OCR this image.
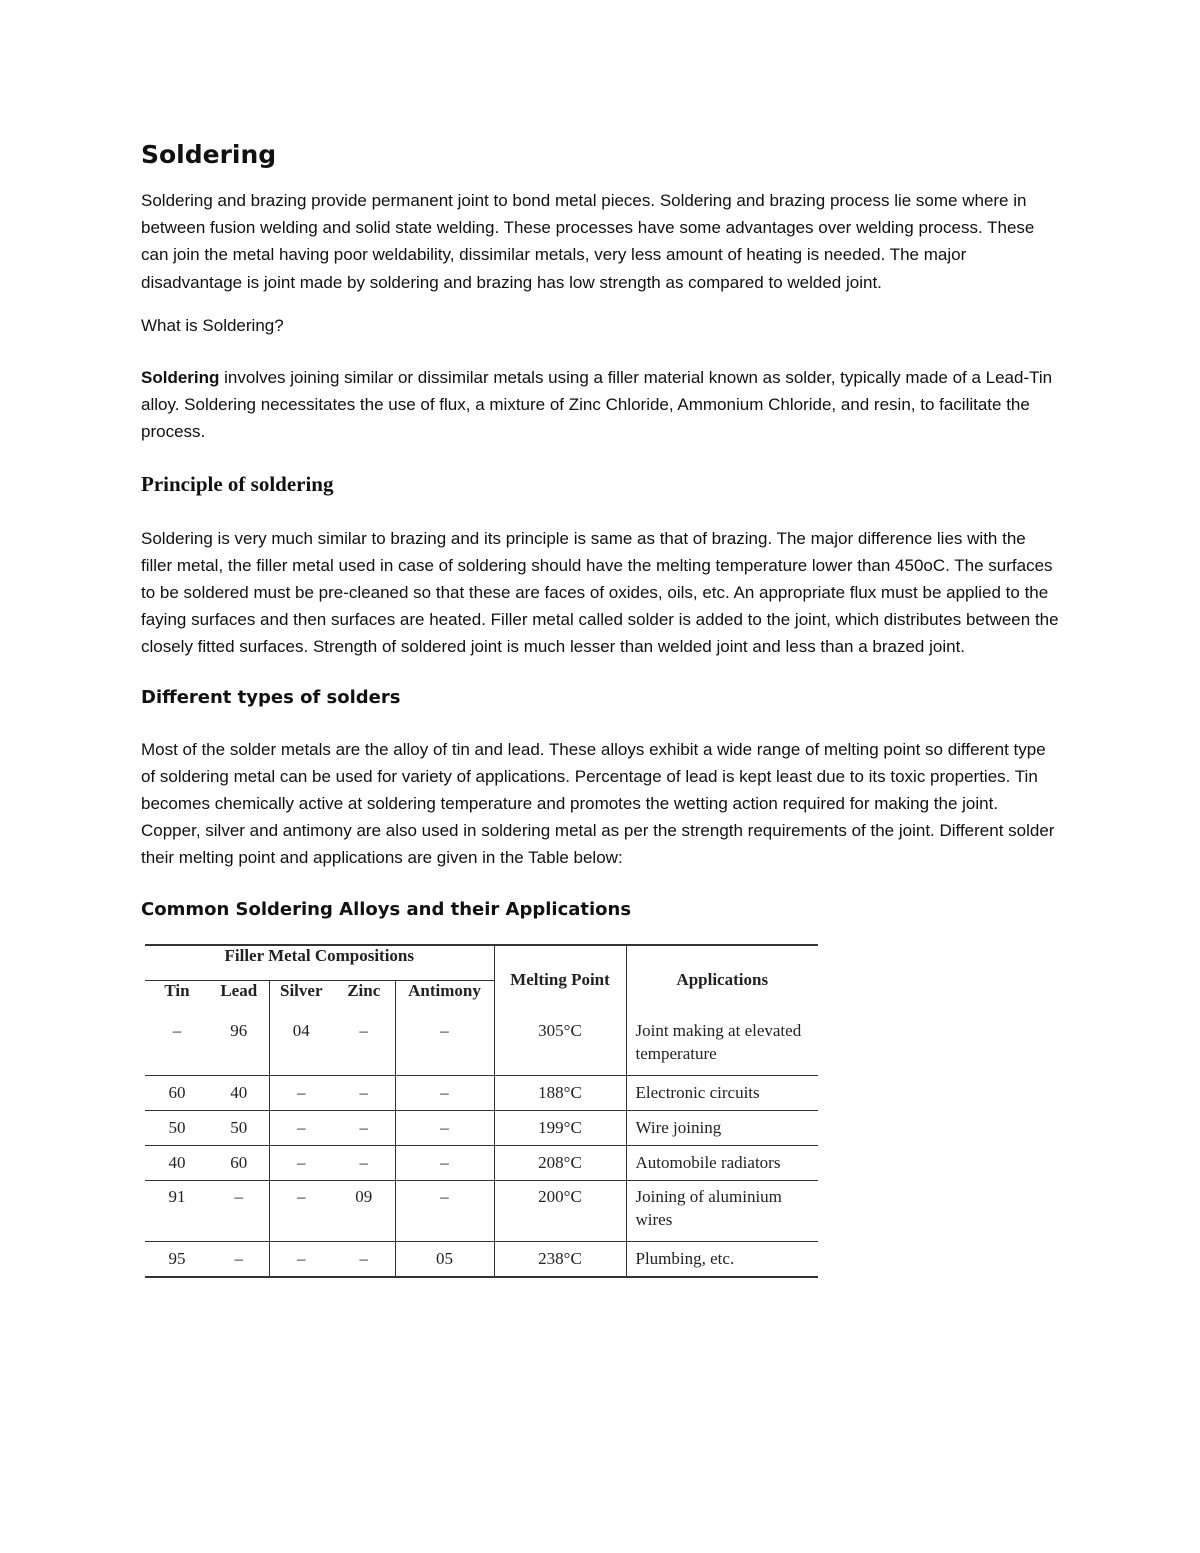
Soldering

Soldering and brazing provide permanent joint to bond metal pieces. Soldering and brazing process lie some where in between fusion welding and solid state welding. These processes have some advantages over welding process. These can join the metal having poor weldability, dissimilar metals, very less amount of heating is needed. The major disadvantage is joint made by soldering and brazing has low strength as compared to welded joint.

What is Soldering?

Soldering involves joining similar or dissimilar metals using a filler material known as solder, typically made of a Lead-Tin alloy. Soldering necessitates the use of flux, a mixture of Zinc Chloride, Ammonium Chloride, and resin, to facilitate the process.

Principle of soldering

Soldering is very much similar to brazing and its principle is same as that of brazing. The major difference lies with the filler metal, the filler metal used in case of soldering should have the melting temperature lower than 450oC. The surfaces to be soldered must be pre-cleaned so that these are faces of oxides, oils, etc. An appropriate flux must be applied to the faying surfaces and then surfaces are heated. Filler metal called solder is added to the joint, which distributes between the closely fitted surfaces. Strength of soldered joint is much lesser than welded joint and less than a brazed joint.

Different types of solders

Most of the solder metals are the alloy of tin and lead. These alloys exhibit a wide range of melting point so different type of soldering metal can be used for variety of applications. Percentage of lead is kept least due to its toxic properties. Tin becomes chemically active at soldering temperature and promotes the wetting action required for making the joint. Copper, silver and antimony are also used in soldering metal as per the strength requirements of the joint. Different solder their melting point and applications are given in the Table below:

Common Soldering Alloys and their Applications
Filler Metal Compositions					Melting Point	Applications
Tin	Lead	Silver	Zinc	Antimony		
–	96	04	–	–	305°C	Joint making at elevated temperature
60	40	–	–	–	188°C	Electronic circuits
50	50	–	–	–	199°C	Wire joining
40	60	–	–	–	208°C	Automobile radiators
91	–	–	09	–	200°C	Joining of aluminium wires
95	–	–	–	05	238°C	Plumbing, etc.
